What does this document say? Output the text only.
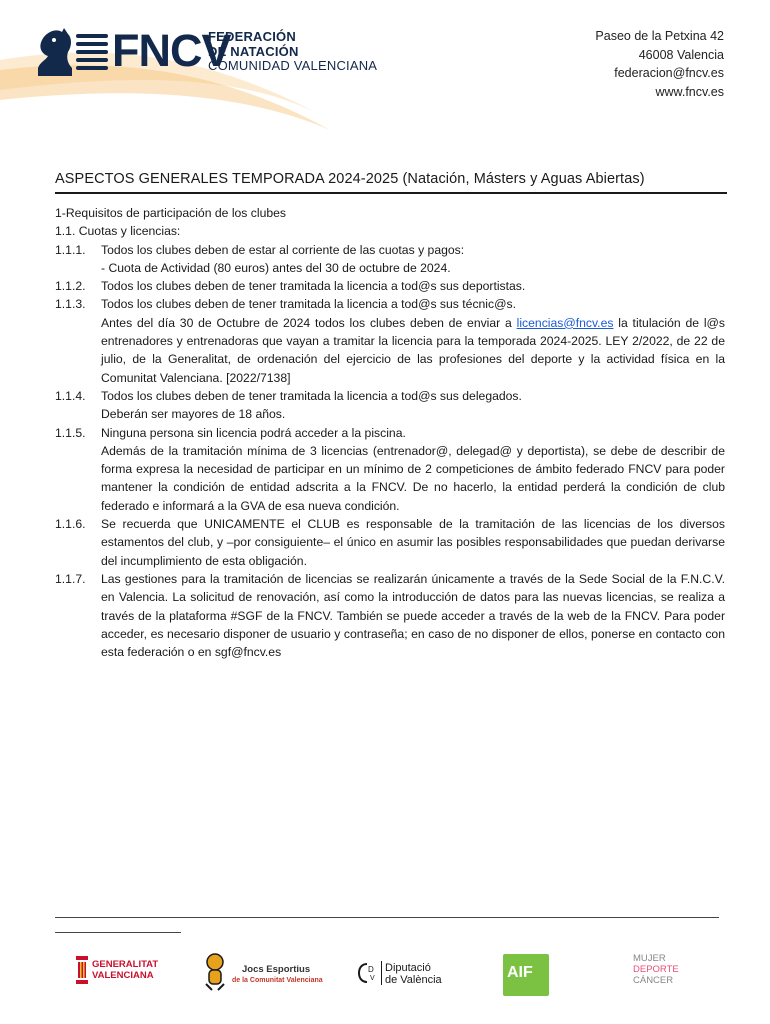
FNCV
FEDERACIÓN
DE NATACIÓN
COMUNIDAD VALENCIANA
Paseo de la Petxina 42
46008 Valencia
federacion@fncv.es
www.fncv.es
ASPECTOS GENERALES TEMPORADA 2024-2025 (Natación, Másters y Aguas Abiertas)
1-Requisitos de participación de los clubes
1.1. Cuotas y licencias:
1.1.1.	Todos los clubes deben de estar al corriente de las cuotas y pagos:
- Cuota de Actividad (80 euros) antes del 30 de octubre de 2024.
1.1.2.	Todos los clubes deben de tener tramitada la licencia a tod@s sus deportistas.
1.1.3.	Todos los clubes deben de tener tramitada la licencia a tod@s sus técnic@s.
Antes del día 30 de Octubre de 2024 todos los clubes deben de enviar a licencias@fncv.es la titulación de l@s entrenadores y entrenadoras que vayan a tramitar la licencia para la temporada 2024-2025. LEY 2/2022, de 22 de julio, de la Generalitat, de ordenación del ejercicio de las profesiones del deporte y la actividad física en la Comunitat Valenciana. [2022/7138]
1.1.4.	Todos los clubes deben de tener tramitada la licencia a tod@s sus delegados.
Deberán ser mayores de 18 años.
1.1.5.	Ninguna persona sin licencia podrá acceder a la piscina.
Además de la tramitación mínima de 3 licencias (entrenador@, delegad@ y deportista), se debe de describir de forma expresa la necesidad de participar en un mínimo de 2 competiciones de ámbito federado FNCV para poder mantener la condición de entidad adscrita a la FNCV. De no hacerlo, la entidad perderá la condición de club federado e informará a la GVA de esa nueva condición.
1.1.6.	Se recuerda que UNICAMENTE el CLUB es responsable de la tramitación de las licencias de los diversos estamentos del club, y –por consiguiente– el único en asumir las posibles responsabilidades que puedan derivarse del incumplimiento de esta obligación.
1.1.7.	Las gestiones para la tramitación de licencias se realizarán únicamente a través de la Sede Social de la F.N.C.V. en Valencia. La solicitud de renovación, así como la introducción de datos para las nuevas licencias, se realiza a través de la plataforma #SGF de la FNCV. También se puede acceder a través de la web de la FNCV. Para poder acceder, es necesario disponer de usuario y contraseña; en caso de no disponer de ellos, ponerse en contacto con esta federación o en sgf@fncv.es
GENERALITAT
VALENCIANA
Jocs Esportius
de la Comunitat Valenciana
D
V
Diputació
de València	AIF
MUJER
DEPORTE
CÁNCER
